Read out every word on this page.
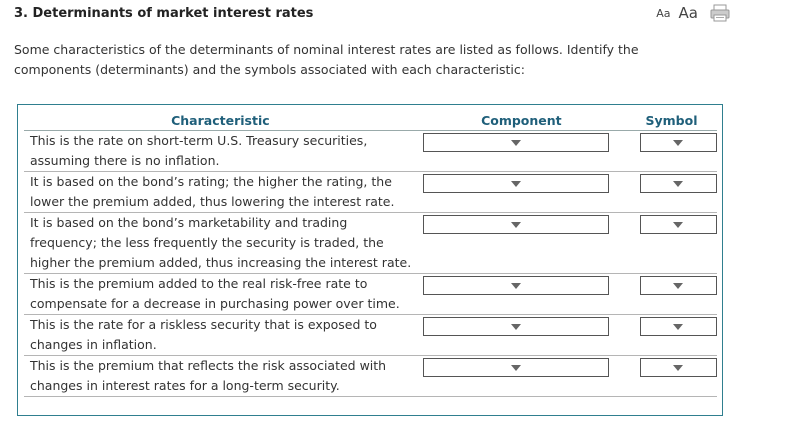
3. Determinants of market interest rates	Aa Aa
Some characteristics of the determinants of nominal interest rates are listed as follows. Identify the components (determinants) and the symbols associated with each characteristic:
Characteristic	Component	Symbol
This is the rate on short-term U.S. Treasury securities, assuming there is no inflation.	

It is based on the bond’s rating; the higher the rating, the lower the premium added, thus lowering the interest rate.	

It is based on the bond’s marketability and trading frequency; the less frequently the security is traded, the higher the premium added, thus increasing the interest rate.	

This is the premium added to the real risk-free rate to compensate for a decrease in purchasing power over time.	

This is the rate for a riskless security that is exposed to changes in inflation.	

This is the premium that reflects the risk associated with changes in interest rates for a long-term security.	
